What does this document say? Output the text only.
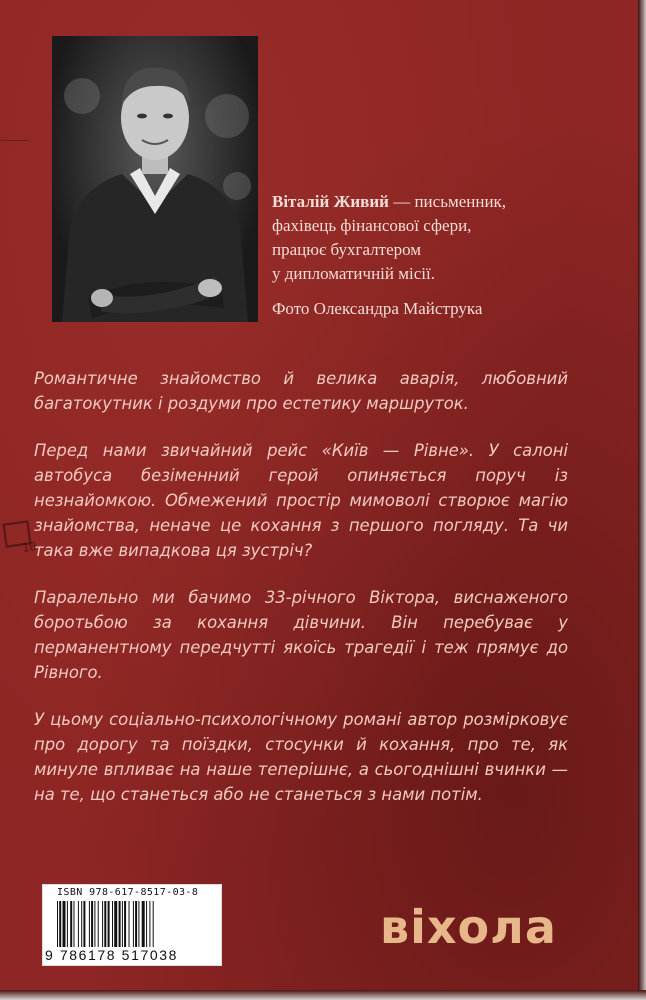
Віталій Живий — письменник,
фахівець фінансової сфери,
працює бухгалтером
у дипломатичній місії.
Фото Олександра Майструка

Романтичне знайомство й велика аварія, любовний багатокутник і роздуми про естетику маршруток.

Перед нами звичайний рейс «Київ — Рівне». У салоні автобуса безіменний герой опиняється поруч із незнайомкою. Обмежений простір мимоволі створює магію знайомства, неначе це кохання з першого погляду. Та чи така вже випадкова ця зустріч?

Паралельно ми бачимо 33-річного Віктора, виснаженого боротьбою за кохання дівчини. Він перебуває у перманентному передчутті якоїсь трагедії і теж прямує до Рівного.

У цьому соціально-психологічному романі автор розмірковує про дорогу та поїздки, стосунки й кохання, про те, як минуле впливає на наше теперішнє, а сьогоднішні вчинки — на те, що станеться або не станеться з нами потім.

10
ISBN 978-617-8517-03-8
9 786178 517038
віхола
